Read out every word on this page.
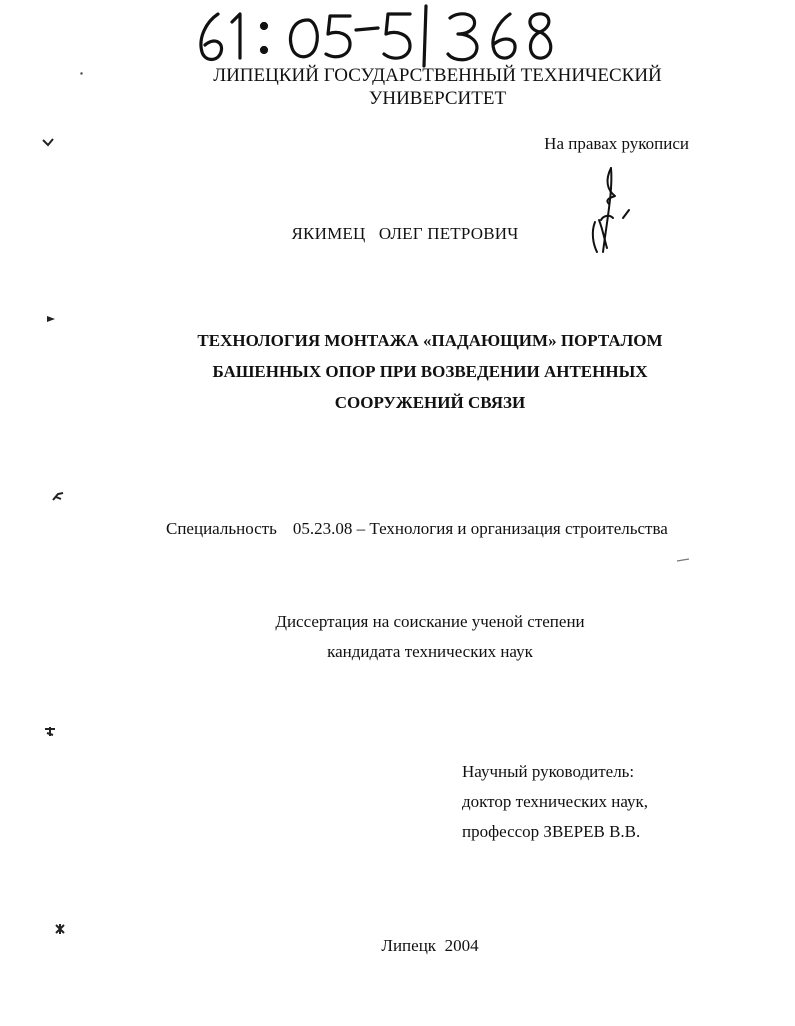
ЛИПЕЦКИЙ ГОСУДАРСТВЕННЫЙ ТЕХНИЧЕСКИЙ
УНИВЕРСИТЕТ
На правах рукописи
ЯКИМЕЦ ОЛЕГ ПЕТРОВИЧ
ТЕХНОЛОГИЯ МОНТАЖА «ПАДАЮЩИМ» ПОРТАЛОМ
БАШЕННЫХ ОПОР ПРИ ВОЗВЕДЕНИИ АНТЕННЫХ
СООРУЖЕНИЙ СВЯЗИ
Специальность 05.23.08 – Технология и организация строительства
Диссертация на соискание ученой степени
кандидата технических наук
Научный руководитель:
доктор технических наук,
профессор ЗВЕРЕВ В.В.
Липецк 2004
